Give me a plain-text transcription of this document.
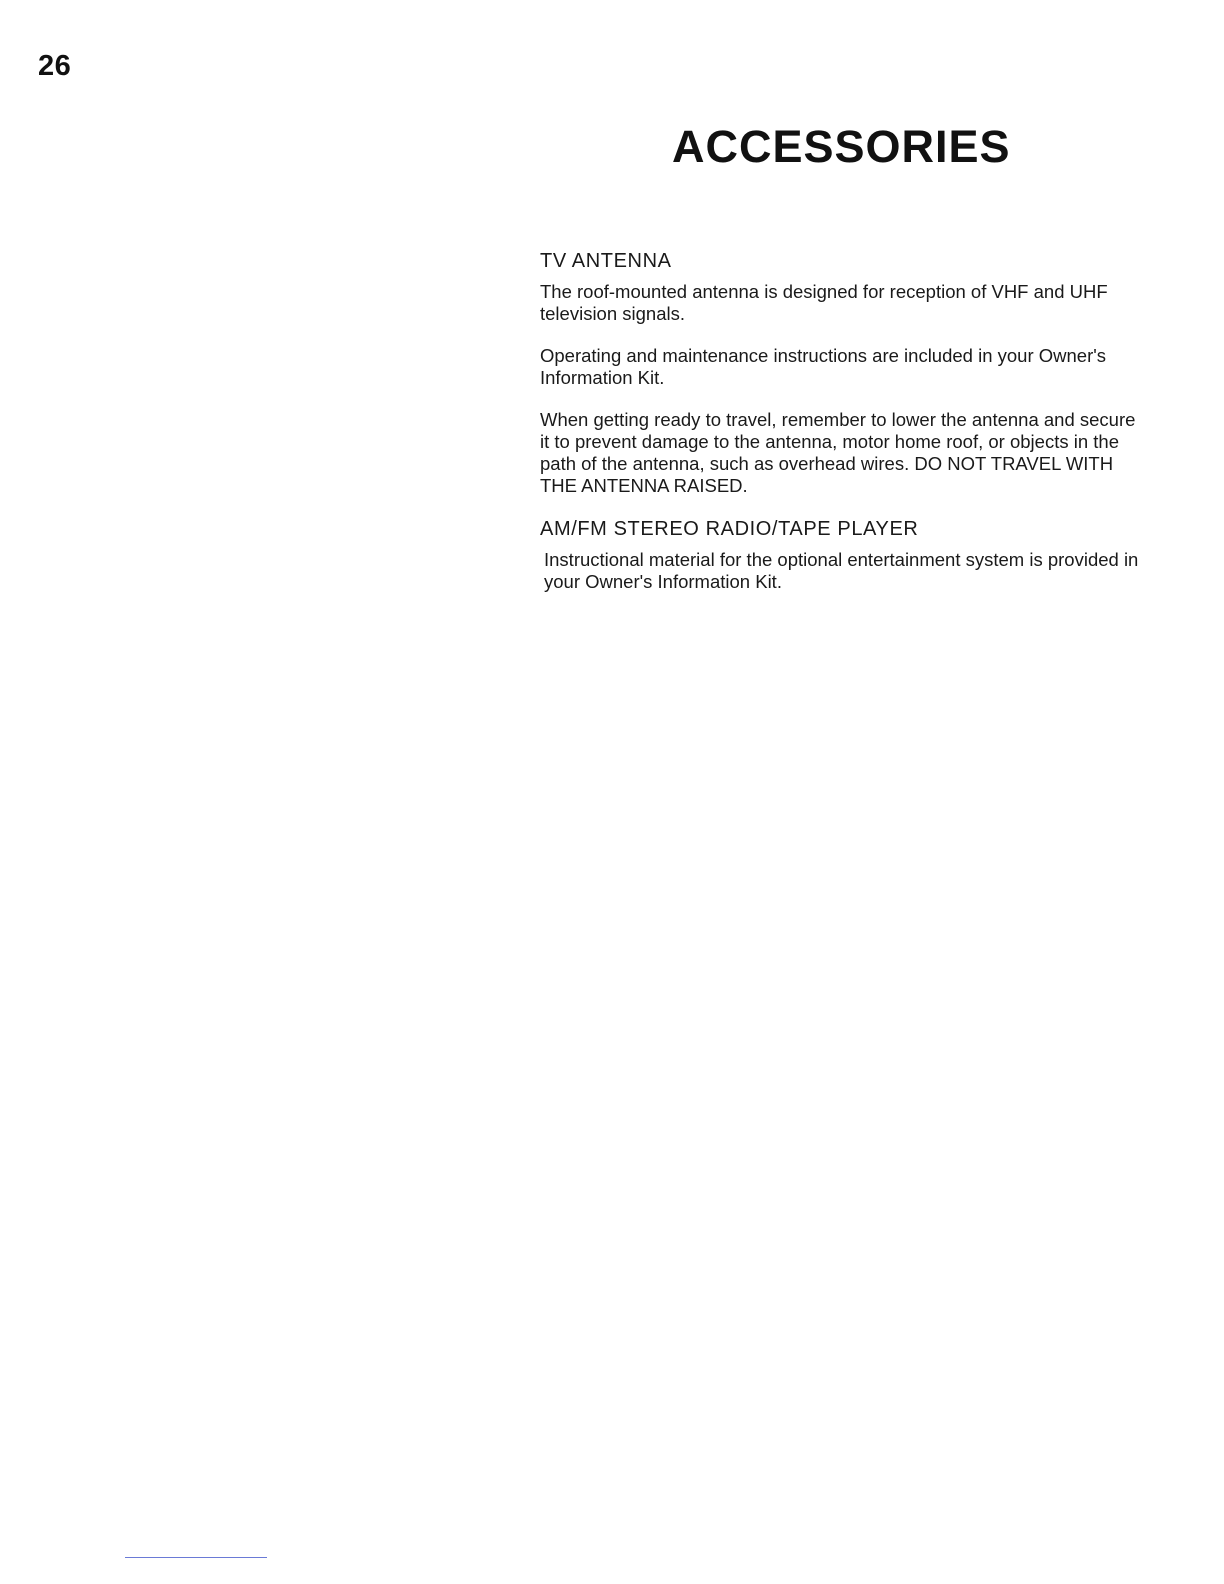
26
ACCESSORIES
TV ANTENNA

The roof-mounted antenna is designed for reception of VHF and UHF television signals.

Operating and maintenance instructions are included in your Owner's Information Kit.

When getting ready to travel, remember to lower the antenna and secure it to prevent damage to the antenna, motor home roof, or objects in the path of the antenna, such as overhead wires. DO NOT TRAVEL WITH THE ANTENNA RAISED.

AM/FM STEREO RADIO/TAPE PLAYER

Instructional material for the optional entertainment system is provided in your Owner's Information Kit.
